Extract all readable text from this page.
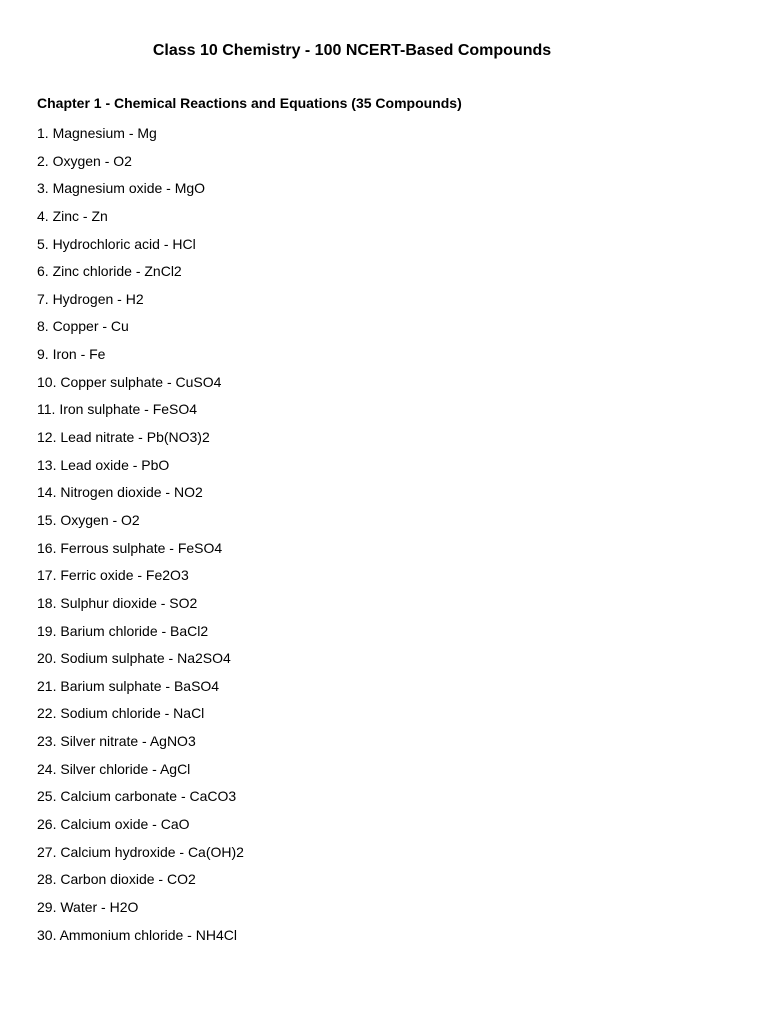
Class 10 Chemistry - 100 NCERT-Based Compounds
Chapter 1 - Chemical Reactions and Equations (35 Compounds)
1. Magnesium - Mg
2. Oxygen - O2
3. Magnesium oxide - MgO
4. Zinc - Zn
5. Hydrochloric acid - HCl
6. Zinc chloride - ZnCl2
7. Hydrogen - H2
8. Copper - Cu
9. Iron - Fe
10. Copper sulphate - CuSO4
11. Iron sulphate - FeSO4
12. Lead nitrate - Pb(NO3)2
13. Lead oxide - PbO
14. Nitrogen dioxide - NO2
15. Oxygen - O2
16. Ferrous sulphate - FeSO4
17. Ferric oxide - Fe2O3
18. Sulphur dioxide - SO2
19. Barium chloride - BaCl2
20. Sodium sulphate - Na2SO4
21. Barium sulphate - BaSO4
22. Sodium chloride - NaCl
23. Silver nitrate - AgNO3
24. Silver chloride - AgCl
25. Calcium carbonate - CaCO3
26. Calcium oxide - CaO
27. Calcium hydroxide - Ca(OH)2
28. Carbon dioxide - CO2
29. Water - H2O
30. Ammonium chloride - NH4Cl
